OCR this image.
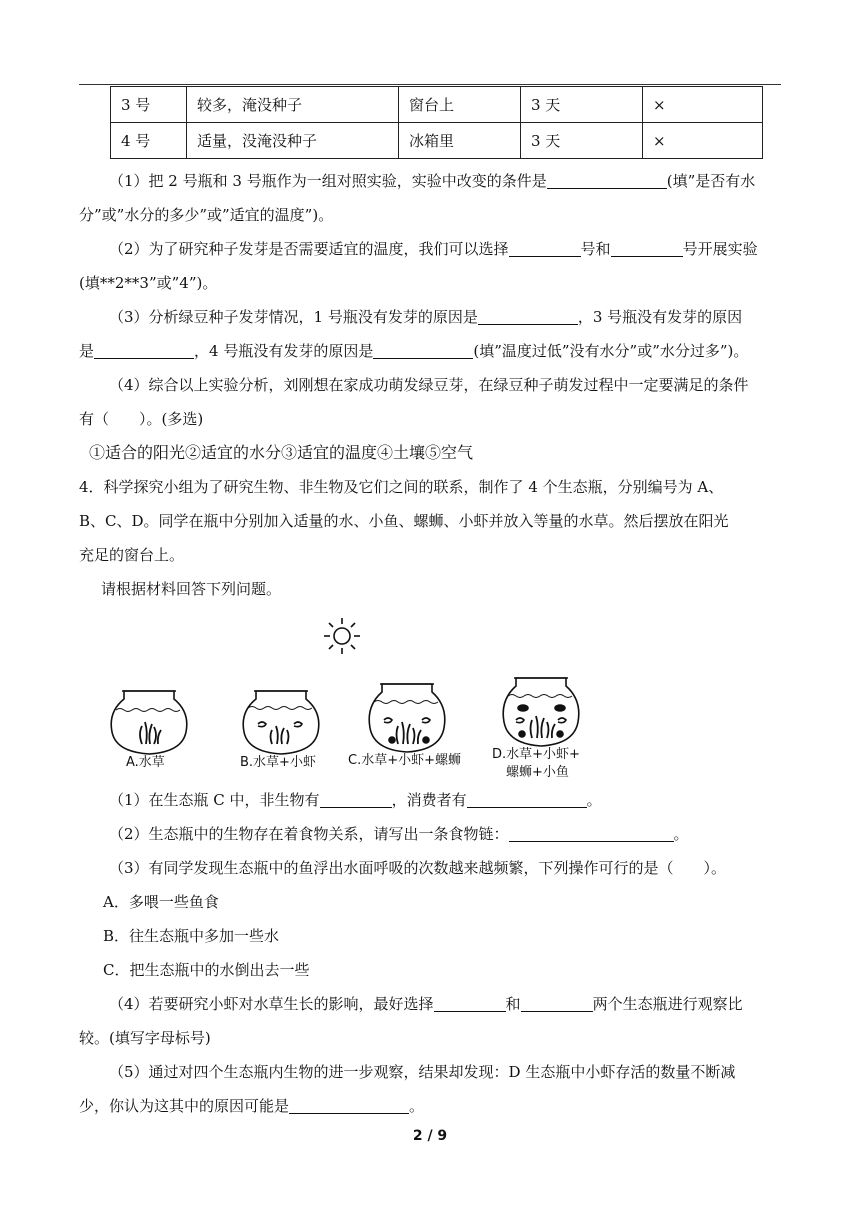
3 号	较多，淹没种子	窗台上	3 天	×
4 号	适量，没淹没种子	冰箱里	3 天	×
（1）把 2 号瓶和 3 号瓶作为一组对照实验，实验中改变的条件是	(填”是否有水
分”或”水分的多少”或”适宜的温度”)。
（2）为了研究种子发芽是否需要适宜的温度，我们可以选择	号和	号开展实验
(填**2**3”或”4”)。
（3）分析绿豆种子发芽情况，1 号瓶没有发芽的原因是	，3 号瓶没有发芽的原因
是	，4 号瓶没有发芽的原因是	(填”温度过低”没有水分”或”水分过多”)。
（4）综合以上实验分析，刘刚想在家成功萌发绿豆芽，在绿豆种子萌发过程中一定要满足的条件
有（　　）。(多选)
①适合的阳光②适宜的水分③适宜的温度④土壤⑤空气
4．科学探究小组为了研究生物、非生物及它们之间的联系，制作了 4 个生态瓶，分别编号为 A、
B、C、D。同学在瓶中分别加入适量的水、小鱼、螺蛳、小虾并放入等量的水草。然后摆放在阳光
充足的窗台上。
请根据材料回答下列问题。
A.水草	B.水草+小虾 C.水草+小虾+螺蛳 D.水草+小虾+
螺蛳+小鱼
（1）在生态瓶 C 中，非生物有	，消费者有	。
（2）生态瓶中的生物存在着食物关系，请写出一条食物链：	。
（3）有同学发现生态瓶中的鱼浮出水面呼吸的次数越来越频繁，下列操作可行的是（　　）。
A．多喂一些鱼食
B．往生态瓶中多加一些水
C．把生态瓶中的水倒出去一些
（4）若要研究小虾对水草生长的影响，最好选择	和	两个生态瓶进行观察比
较。(填写字母标号)
（5）通过对四个生态瓶内生物的进一步观察，结果却发现：D 生态瓶中小虾存活的数量不断减
少，你认为这其中的原因可能是	。
2 / 9
